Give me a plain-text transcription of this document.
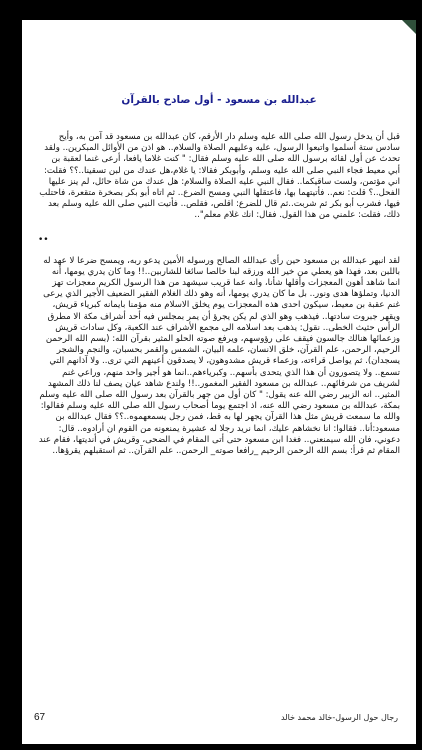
عبدالله بن مسعود - أول صادح بالقرآن

قبل أن يدخل رسول الله صلى الله عليه وسلم دار الأرقم، كان عبدالله بن مسعود قد آمن به، وأيح سادس ستة أسلموا واتبعوا الرسول، عليه وعليهم الصلاة والسلام.. هو اذن من الأوائل المبكرين.. ولقد تحدث عن أول لقائه برسول الله صلى الله عليه وسلم فقال: " كنت غلاما يافعا، أرعى غنما لعقبة بن أبي معيط فجاء النبي صلى الله عليه وسلم، وأبوبكر فقالا: يا غلام،هل عندك من لبن تسقينا..؟؟ فقلت: اني مؤتمن، ولست ساقيكما.. فقال النبي عليه الصلاة والسلام: هل عندك من شاة حائل، لم ينز عليها الفحل..؟ قلت: نعم.. فأتيتهما بها، فاعتقلها النبي ومسح الضرع.. ثم اتاه أبو بكر بصخرة متقعرة، فاحتلب فيها، فشرب أبو بكر ثم شربت..ثم قال للضرع: اقلص، فقلص.. فأتيت النبي صلى الله عليه وسلم بعد ذلك، فقلت: علمني من هذا القول. فقال: انك غلام معلم"..

••

لقد انبهر عبدالله بن مسعود حين رأى عبدالله الصالح ورسوله الأمين يدعو ربه، ويمسح ضرعا لا عهد له باللبن بعد، فهذا هو يعطي من خير الله ورزقه لبنا خالصا سائغا للشاربين..!! وما كان يدري يومها، أنه انما شاهد أهون المعجزات وأقلها شأنا، وانه عما قريب سيشهد من هذا الرسول الكريم معجزات تهز الدنيا، وتملؤها هدى ونور.. بل ما كان يدري يومها، أنه وهو ذلك الغلام الفقير الضعيف الأجير الذي يرعى غنم عقبة بن معيط، سيكون احدى هذه المعجزات يوم يخلق الاسلام منه مؤمنا بايمانه كبرياء قريش، ويقهر جبروت سادتها.. فيذهب وهو الذي لم يكن يجرؤ أن يمر بمجلس فيه أحد أشراف مكة الا مطرق الرأس حثيث الخطى.. نقول: يذهب بعد اسلامه الى مجمع الأشراف عند الكعبة، وكل سادات قريش وزعمائها هنالك جالسون فيقف على رؤوسهم، ويرفع صوته الحلو المثير بقرآن الله: (بسم الله الرحمن الرحيم، الرحمن، علم القرآن، خلق الانسان، علمه البيان، الشمس والقمر بحسبان، والنجم والشجر يسجدان). ثم يواصل قراءته، وزعماء قريش مشدوهون، لا يصدقون أعينهم التي ترى.. ولا آذانهم التي تسمع.. ولا يتصورون أن هذا الذي يتحدى بأسهم.. وكبرياءهم..انما هو أجير واحد منهم، وراعي غنم لشريف من شرفائهم.. عبدالله بن مسعود الفقير المغمور..!! ولندع شاهد عيان يصف لنا ذلك المشهد المثير.. انه الزبير رضي الله عنه يقول: " كان أول من جهر بالقرآن بعد رسول الله صلى الله عليه وسلم بمكة، عبدالله بن مسعود رضي الله عنه، اذ اجتمع يوما أصحاب رسول الله صلى الله عليه وسلم فقالوا: والله ما سمعت قريش مثل هذا القرآن يجهر لها به قط، فمن رجل يسمعهموه..؟؟ فقال عبدالله بن مسعود:أنا.. فقالوا: انا نخشاهم عليك، انما نريد رجلا له عشيرة يمنعونه من القوم ان أرادوه.. قال: دعوني، فان الله سيمنعني.. فغدا ابن مسعود حتى أتى المقام في الضحى، وقريش في أنديتها، فقام عند المقام ثم قرأ: بسم الله الرحمن الرحيم _رافعا صوته_ الرحمن.. علم القرآن.. ثم استقبلهم يقرؤها..

67	رجال حول الرسول-خالد محمد خالد
